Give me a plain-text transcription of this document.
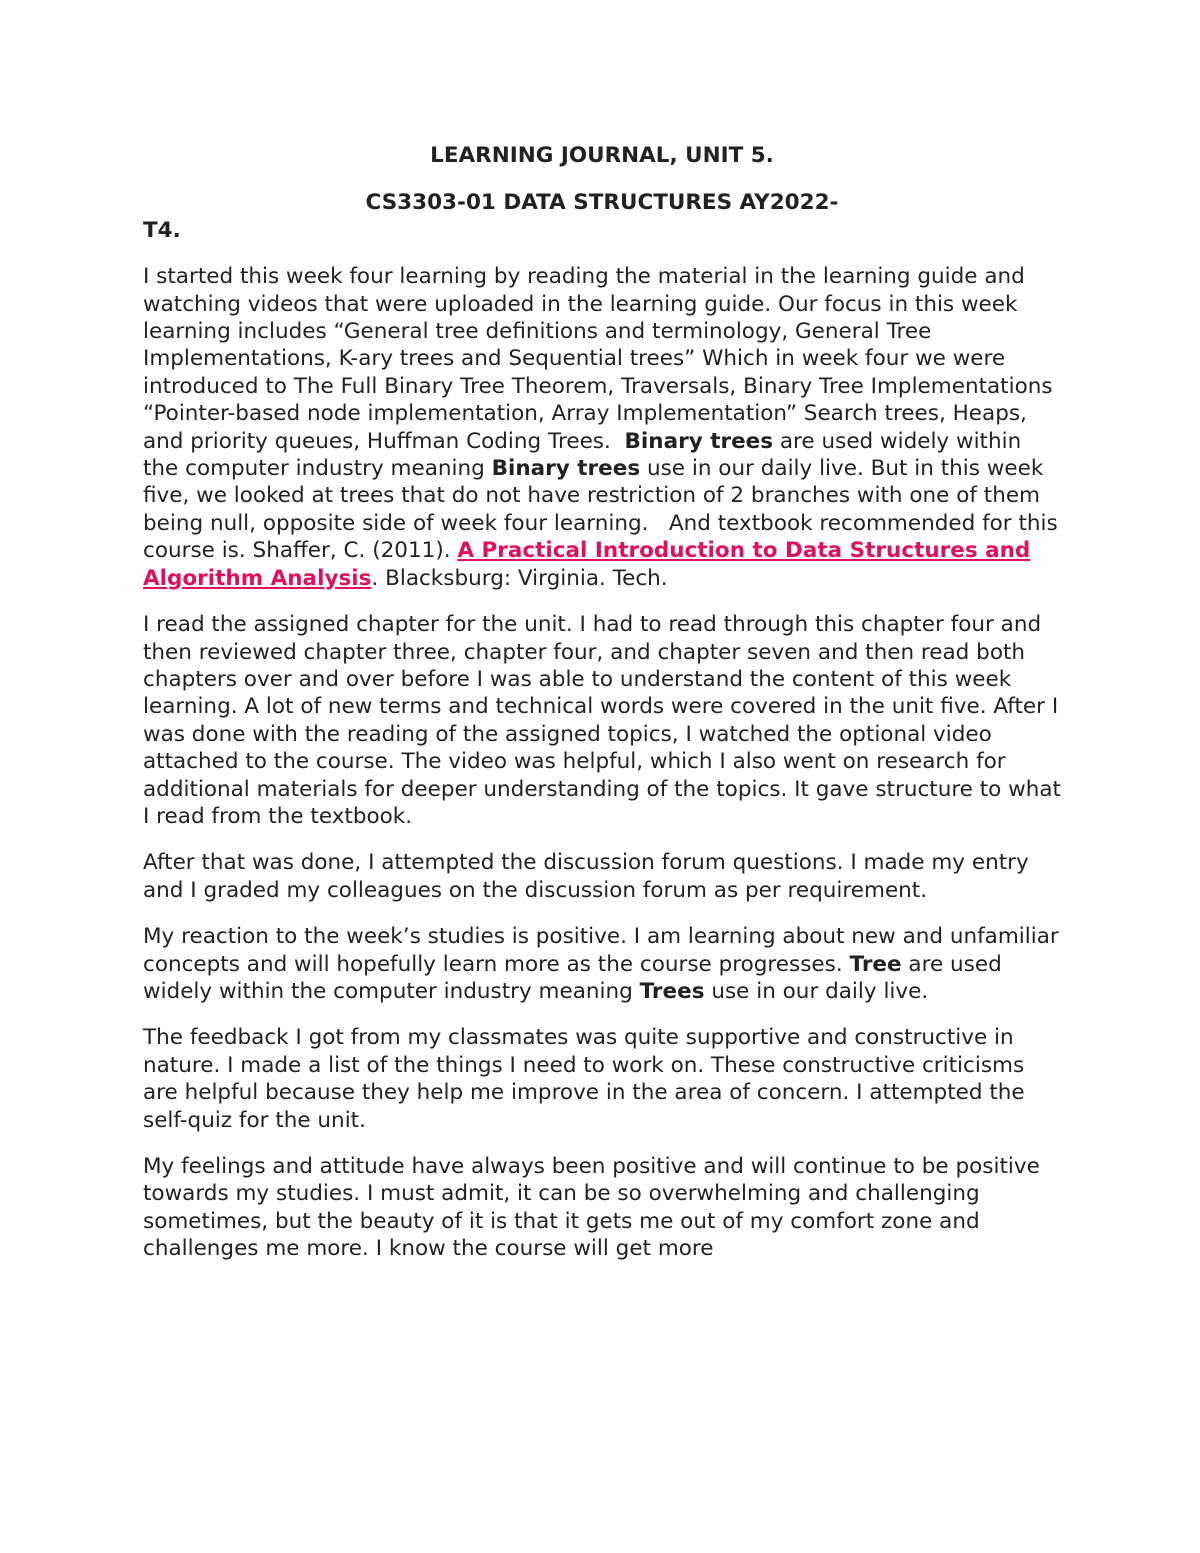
LEARNING JOURNAL, UNIT 5.

CS3303-01 DATA STRUCTURES AY2022-

T4.

I started this week four learning by reading the material in the learning guide and watching videos that were uploaded in the learning guide. Our focus in this week learning includes “General tree definitions and terminology, General Tree Implementations, K-ary trees and Sequential trees” Which in week four we were introduced to The Full Binary Tree Theorem, Traversals, Binary Tree Implementations “Pointer-based node implementation, Array Implementation” Search trees, Heaps, and priority queues, Huffman Coding Trees.  Binary trees are used widely within the computer industry meaning Binary trees use in our daily live. But in this week five, we looked at trees that do not have restriction of 2 branches with one of them being null, opposite side of week four learning.   And textbook recommended for this course is. Shaffer, C. (2011). A Practical Introduction to Data Structures and Algorithm Analysis. Blacksburg: Virginia. Tech.

I read the assigned chapter for the unit. I had to read through this chapter four and then reviewed chapter three, chapter four, and chapter seven and then read both chapters over and over before I was able to understand the content of this week learning. A lot of new terms and technical words were covered in the unit five. After I was done with the reading of the assigned topics, I watched the optional video attached to the course. The video was helpful, which I also went on research for additional materials for deeper understanding of the topics. It gave structure to what I read from the textbook.

After that was done, I attempted the discussion forum questions. I made my entry and I graded my colleagues on the discussion forum as per requirement.

My reaction to the week’s studies is positive. I am learning about new and unfamiliar concepts and will hopefully learn more as the course progresses. Tree are used widely within the computer industry meaning Trees use in our daily live.

The feedback I got from my classmates was quite supportive and constructive in nature. I made a list of the things I need to work on. These constructive criticisms are helpful because they help me improve in the area of concern. I attempted the self-quiz for the unit.

My feelings and attitude have always been positive and will continue to be positive towards my studies. I must admit, it can be so overwhelming and challenging sometimes, but the beauty of it is that it gets me out of my comfort zone and challenges me more. I know the course will get more
